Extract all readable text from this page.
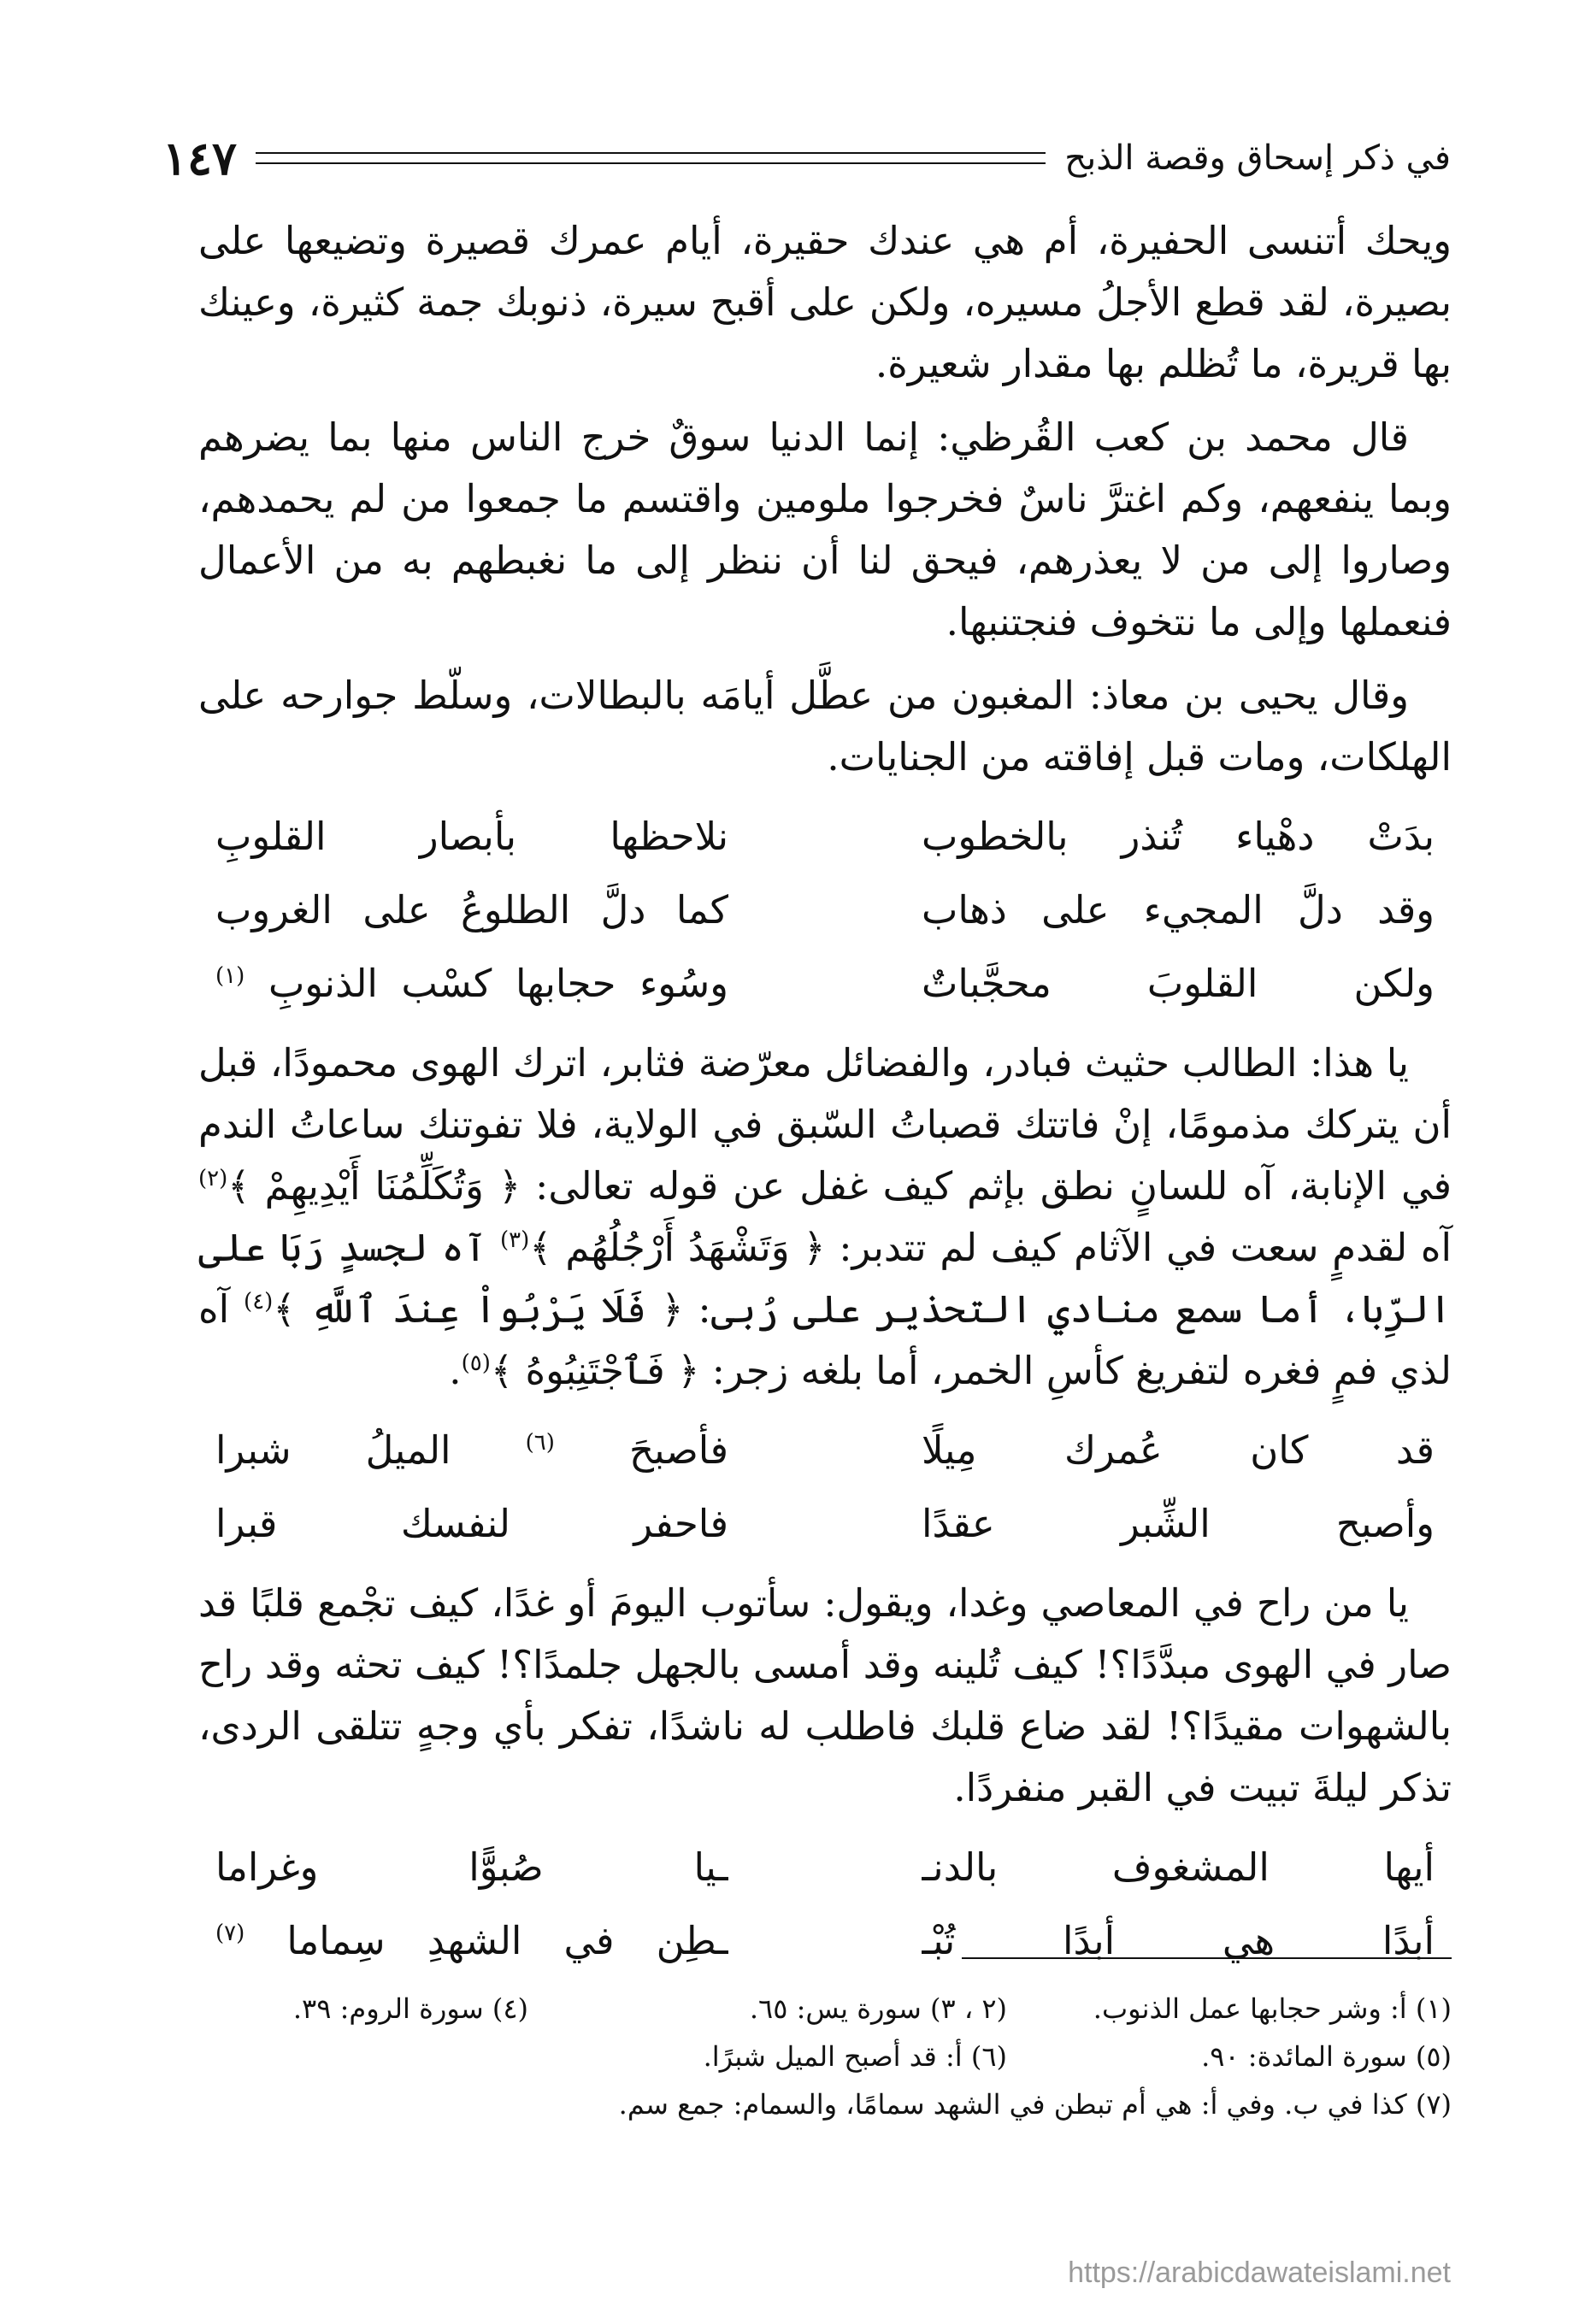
في ذكر إسحاق وقصة الذبح
١٤٧

ويحك أتنسى الحفيرة، أم هي عندك حقيرة، أيام عمرك قصيرة وتضيعها على بصيرة، لقد قطع الأجلُ مسيره، ولكن على أقبح سيرة، ذنوبك جمة كثيرة، وعينك بها قريرة، ما تُظلم بها مقدار شعيرة.

قال محمد بن كعب القُرظي: إنما الدنيا سوقٌ خرج الناس منها بما يضرهم وبما ينفعهم، وكم اغترَّ ناسٌ فخرجوا ملومين واقتسم ما جمعوا من لم يحمدهم، وصاروا إلى من لا يعذرهم، فيحق لنا أن ننظر إلى ما نغبطهم به من الأعمال فنعملها وإلى ما نتخوف فنجتنبها.

وقال يحيى بن معاذ: المغبون من عطَّل أيامَه بالبطالات، وسلّط جوارحه على الهلكات، ومات قبل إفاقته من الجنايات.

بدَتْ دهْياء تُنذر بالخطوب
نلاحظها بأبصار القلوبِ
وقد دلَّ المجيء على ذهاب
كما دلَّ الطلوعُ على الغروب
ولكن القلوبَ محجَّباتٌ
وسُوء حجابها كسْب الذنوبِ $^{(١)}$

يا هذا: الطالب حثيث فبادر، والفضائل معرّضة فثابر، اترك الهوى محمودًا، قبل أن يتركك مذمومًا، إنْ فاتتك قصباتُ السّبق في الولاية، فلا تفوتنك ساعاتُ الندم في الإنابة، آه للسانٍ نطق بإثم كيف غفل عن قوله تعالى: ﴿ وَتُكَلِّمُنَا أَيْدِيهِمْ ﴾$^{(٢)}$ آه لقدمٍ سعت في الآثام كيف لم تتدبر: ﴿ وَتَشْهَدُ أَرْجُلُهُم ﴾$^{(٣)}$ آه لجسدٍ رَبَا على الرِّبا، أما سمع منادي التحذير على رُبى: ﴿ فَلَا يَرْبُواْ عِندَ ٱللَّهِ ﴾$^{(٤)}$ آه لذي فمٍ فغره لتفريغ كأسِ الخمر، أما بلغه زجر: ﴿ فَٱجْتَنِبُوهُ ﴾$^{(٥)}$.

قد كان عُمرك مِيلًا
فأصبحَ $^{(٦)}$ الميلُ شبرا
وأصبح الشِّبر عقدًا
فاحفر لنفسك قبرا

يا من راح في المعاصي وغدا، ويقول: سأتوب اليومَ أو غدًا، كيف تجْمع قلبًا قد صار في الهوى مبدَّدًا؟! كيف تُلينه وقد أمسى بالجهل جلمدًا؟! كيف تحثه وقد راح بالشهوات مقيدًا؟! لقد ضاع قلبك فاطلب له ناشدًا، تفكر بأي وجهٍ تتلقى الردى، تذكر ليلةَ تبيت في القبر منفردًا.

أيها المشغوف بالدنـ
ـيا صُبوًّا وغراما
أبدًا هي أبدًا تُبْـ
ـطِن في الشهدِ سِماما $^{(٧)}$
(١) أ: وشر حجابها عمل الذنوب.
(٢ ، ٣) سورة يس: ٦٥.
(٤) سورة الروم: ٣٩.
(٥) سورة المائدة: ٩٠.
(٦) أ: قد أصبح الميل شبرًا.
(٧) كذا في ب. وفي أ: هي أم تبطن في الشهد سمامًا، والسمام: جمع سم.
https://arabicdawateislami.net
